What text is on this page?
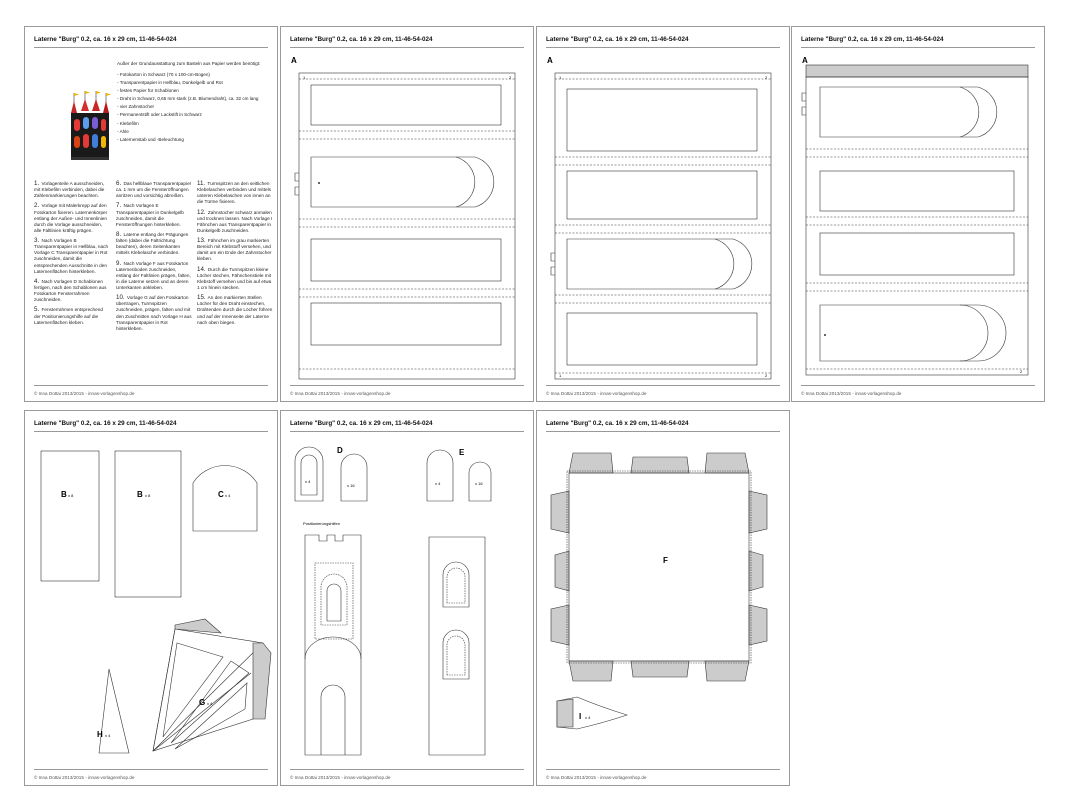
Laterne "Burg" 0.2, ca. 16 x 29 cm, 11-46-54-024
Außer der Grundausstattung zum Basteln aus Papier werden benötigt:
- Fotokarton in Schwarz (70 x 100-cm-Bogen)
- Transparentpapier in Hellblau, Dunkelgelb und Rot
- festes Papier für Schablonen
- Draht in Schwarz, 0,65 mm stark (z.B. Blumendraht), ca. 32 cm lang
- vier Zahnstocher
- Permanentstift oder Lackstift in Schwarz
- Klebefilm
- Ahle
- Laternenstab und -Beleuchtung

1. Vorlagenteile A ausschneiden, mit Klebefilm verbinden, dabei die Zahlenmarkierungen beachten.

2. Vorlage mit Malerkrepp auf den Fotokarton fixieren. Laternenkörper entlang der Außen- und Innenlinien durch die Vorlage ausschneiden, alle Faltlinien kräftig prägen.

3. Nach Vorlagen B Transparentpapier in Hellblau, nach Vorlage C Transparentpapier in Rot zuschneiden, damit die entsprechenden Ausschnitte in den Laternenflächen hinterkleben.

4. Nach Vorlagen D Schablonen fertigen, nach den Schablonen aus Fotokarton Fensterrahmen zuschneiden.

5. Fensterrahmen entsprechend der Positionierungshilfe auf die Laternenflächen kleben.

6. Das hellblaue Transparentpapier ca. 1 mm um die Fensteröffnungen anritzen und vorsichtig abreißen.

7. Nach Vorlagen E Transparentpapier in Dunkelgelb zuschneiden, damit die Fensteröffnungen hinterkleben.

8. Laterne entlang der Prägungen falten (dabei die Faltrichtung beachten), deren Seitenkanten mittels Klebelasche verbinden.

9. Nach Vorlage F aus Fotokarton Laternenboden zuschneiden, entlang der Faltlinien prägen, falten, in die Laterne setzen und an deren Unterkanten ankleben.

10. Vorlage G auf den Fotokarton übertragen, Turmspitzen zuschneiden, prägen, falten und mit den Zuschnitten nach Vorlage H aus Transparentpapier in Rot hinterkleben.

11. Turmspitzen an den seitlichen Klebelaschen verbinden und mittels unteren Klebelaschen von innen an die Türme fixieren.

12. Zahnstocher schwarz anmalen und trocknen lassen. Nach Vorlage I Fähnchen aus Transparentpapier in Dunkelgelb zuschneiden.

13. Fähnchen im grau markierten Bereich mit Klebstoff versehen, und damit um ein Ende der Zahnstocher kleben.

14. Durch die Turmspitzen kleine Löcher stechen, Fähnchenstiele mit Klebstoff versehen und bis auf etwa 1 cm hinein stecken.

15. An den markierten Stellen Löcher für den Draht einstechen, Drahtenden durch die Löcher führen und auf der Innenseite der Laterne nach oben biegen.

© Inna Dottai 2013/2015 - innas-vorlagenshop.de
Laterne "Burg" 0.2, ca. 16 x 29 cm, 11-46-54-024
A
1	2
© Inna Dottai 2013/2015 - innas-vorlagenshop.de
Laterne "Burg" 0.2, ca. 16 x 29 cm, 11-46-54-024
A
1	2
1	2
© Inna Dottai 2013/2015 - innas-vorlagenshop.de
Laterne "Burg" 0.2, ca. 16 x 29 cm, 11-46-54-024
A
2
© Inna Dottai 2013/2015 - innas-vorlagenshop.de
Laterne "Burg" 0.2, ca. 16 x 29 cm, 11-46-54-024
B x 8	B x 8	C x 4
G x 4
H x 4
© Inna Dottai 2013/2015 - innas-vorlagenshop.de
Laterne "Burg" 0.2, ca. 16 x 29 cm, 11-46-54-024
D
x 4
x 16
E
x 4	x 16
Positionierungshilfen
© Inna Dottai 2013/2015 - innas-vorlagenshop.de
Laterne "Burg" 0.2, ca. 16 x 29 cm, 11-46-54-024
F
I x 4
© Inna Dottai 2013/2015 - innas-vorlagenshop.de
